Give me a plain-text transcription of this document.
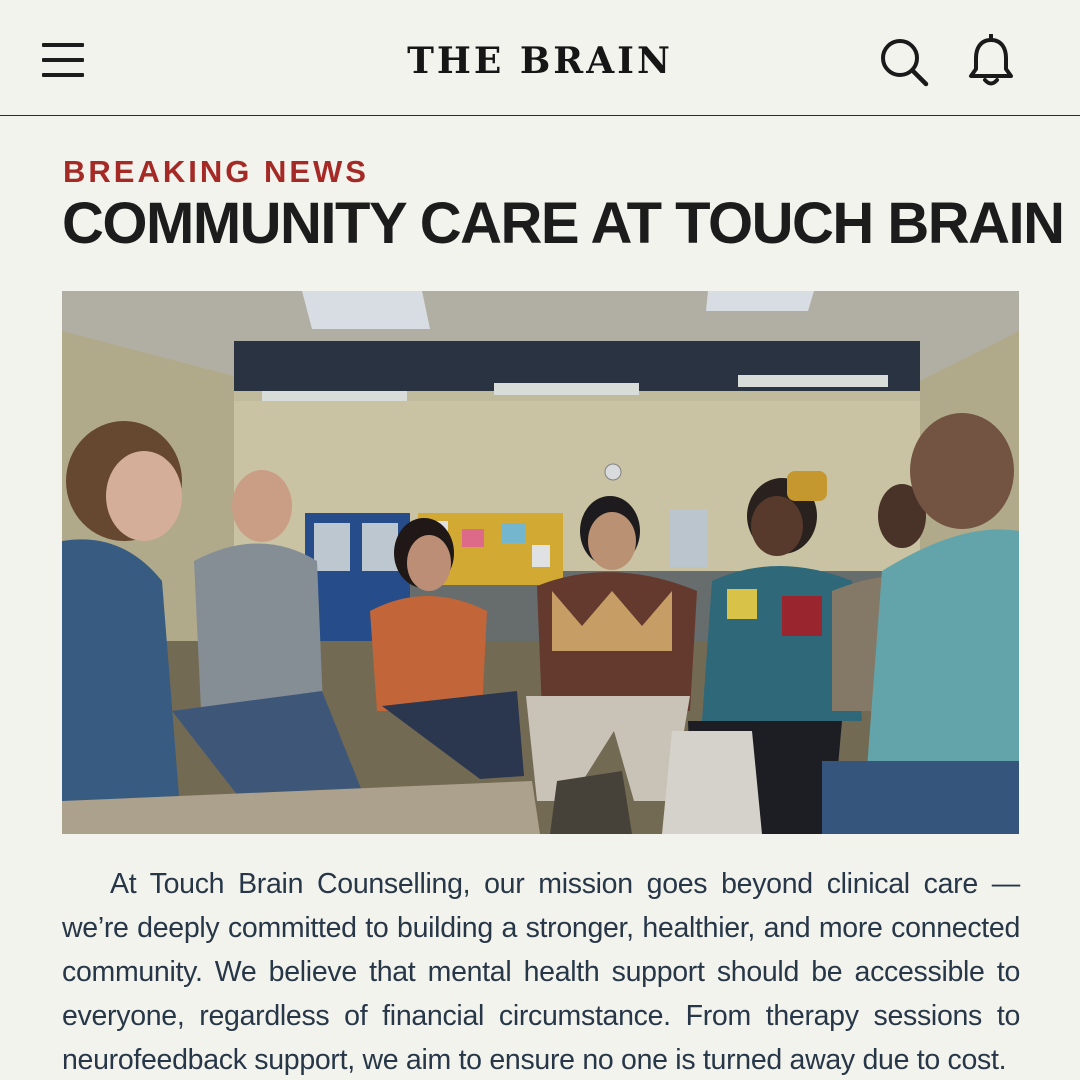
THE BRAIN
BREAKING NEWS
COMMUNITY CARE AT TOUCH BRAIN

At Touch Brain Counselling, our mission goes beyond clinical care — we’re deeply committed to building a stronger, healthier, and more connected community. We believe that mental health support should be accessible to everyone, regardless of financial circumstance. From therapy sessions to neurofeedback support, we aim to ensure no one is turned away due to cost.
